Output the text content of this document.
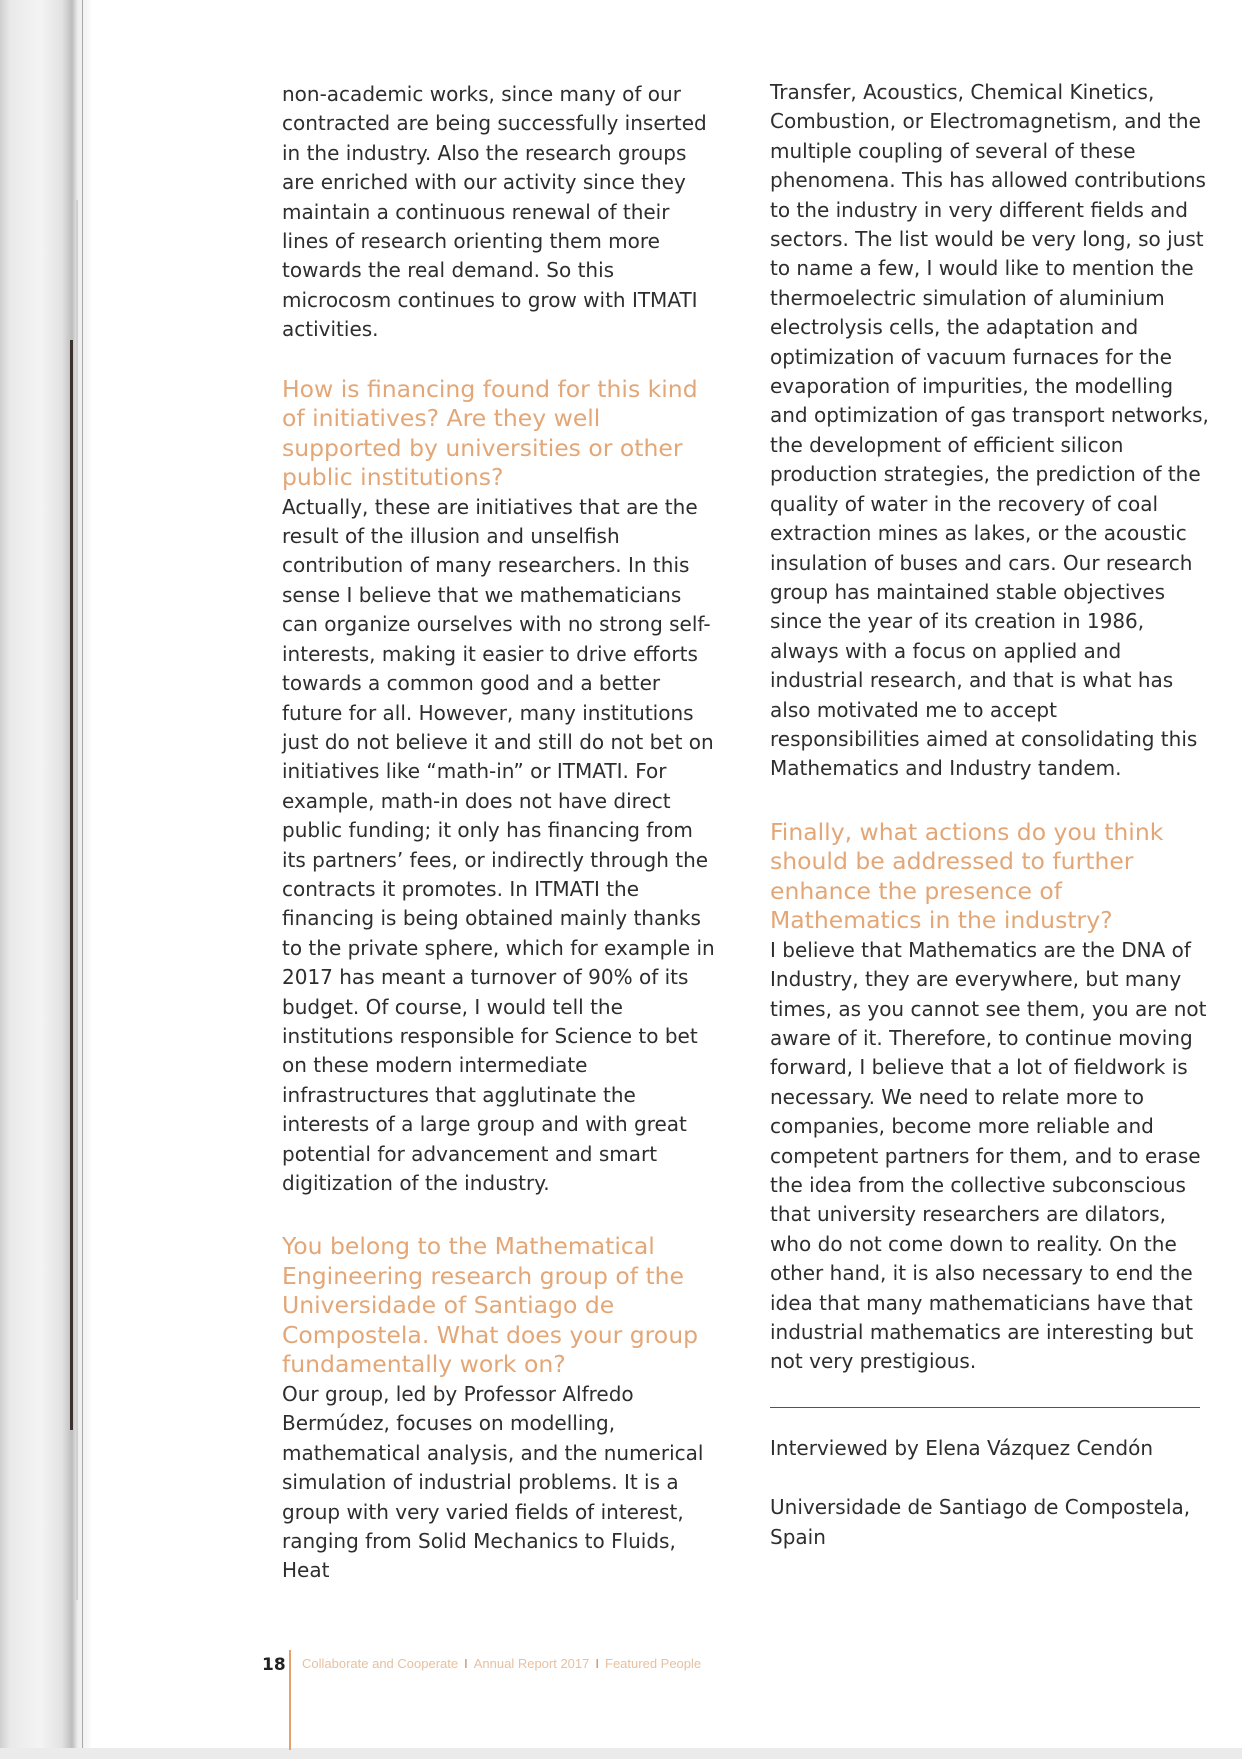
non-academic works, since many of our contracted are being successfully inserted in the industry. Also the research groups are enriched with our activity since they maintain a continuous renewal of their lines of research orienting them more towards the real demand. So this microcosm continues to grow with ITMATI activities.

How is financing found for this kind of initiatives? Are they well supported by universities or other public institutions?

Actually, these are initiatives that are the result of the illusion and unselfish contribution of many researchers. In this sense I believe that we mathematicians can organize ourselves with no strong self-interests, making it easier to drive efforts towards a common good and a better future for all. However, many institutions just do not believe it and still do not bet on initiatives like “math-in” or ITMATI. For example, math-in does not have direct public funding; it only has financing from its partners’ fees, or indirectly through the contracts it promotes. In ITMATI the financing is being obtained mainly thanks to the private sphere, which for example in 2017 has meant a turnover of 90% of its budget. Of course, I would tell the institutions responsible for Science to bet on these modern intermediate infrastructures that agglutinate the interests of a large group and with great potential for advancement and smart digitization of the industry.

You belong to the Mathematical Engineering research group of the Universidade of Santiago de Compostela. What does your group fundamentally work on?

Our group, led by Professor Alfredo Bermúdez, focuses on modelling, mathematical analysis, and the numerical simulation of industrial problems. It is a group with very varied fields of interest, ranging from Solid Mechanics to Fluids, Heat

Transfer, Acoustics, Chemical Kinetics, Combustion, or Electromagnetism, and the multiple coupling of several of these phenomena. This has allowed contributions to the industry in very different fields and sectors. The list would be very long, so just to name a few, I would like to mention the thermoelectric simulation of aluminium electrolysis cells, the adaptation and optimization of vacuum furnaces for the evaporation of impurities, the modelling and optimization of gas transport networks, the development of efficient silicon production strategies, the prediction of the quality of water in the recovery of coal extraction mines as lakes, or the acoustic insulation of buses and cars. Our research group has maintained stable objectives since the year of its creation in 1986, always with a focus on applied and industrial research, and that is what has also motivated me to accept responsibilities aimed at consolidating this Mathematics and Industry tandem.

Finally, what actions do you think should be addressed to further enhance the presence of Mathematics in the industry?

I believe that Mathematics are the DNA of Industry, they are everywhere, but many times, as you cannot see them, you are not aware of it. Therefore, to continue moving forward, I believe that a lot of fieldwork is necessary. We need to relate more to companies, become more reliable and competent partners for them, and to erase the idea from the collective subconscious that university researchers are dilators, who do not come down to reality. On the other hand, it is also necessary to end the idea that many mathematicians have that industrial mathematics are interesting but not very prestigious.

Interviewed by Elena Vázquez Cendón

Universidade de Santiago de Compostela, Spain

18 Collaborate and Cooperate I Annual Report 2017 I Featured People
